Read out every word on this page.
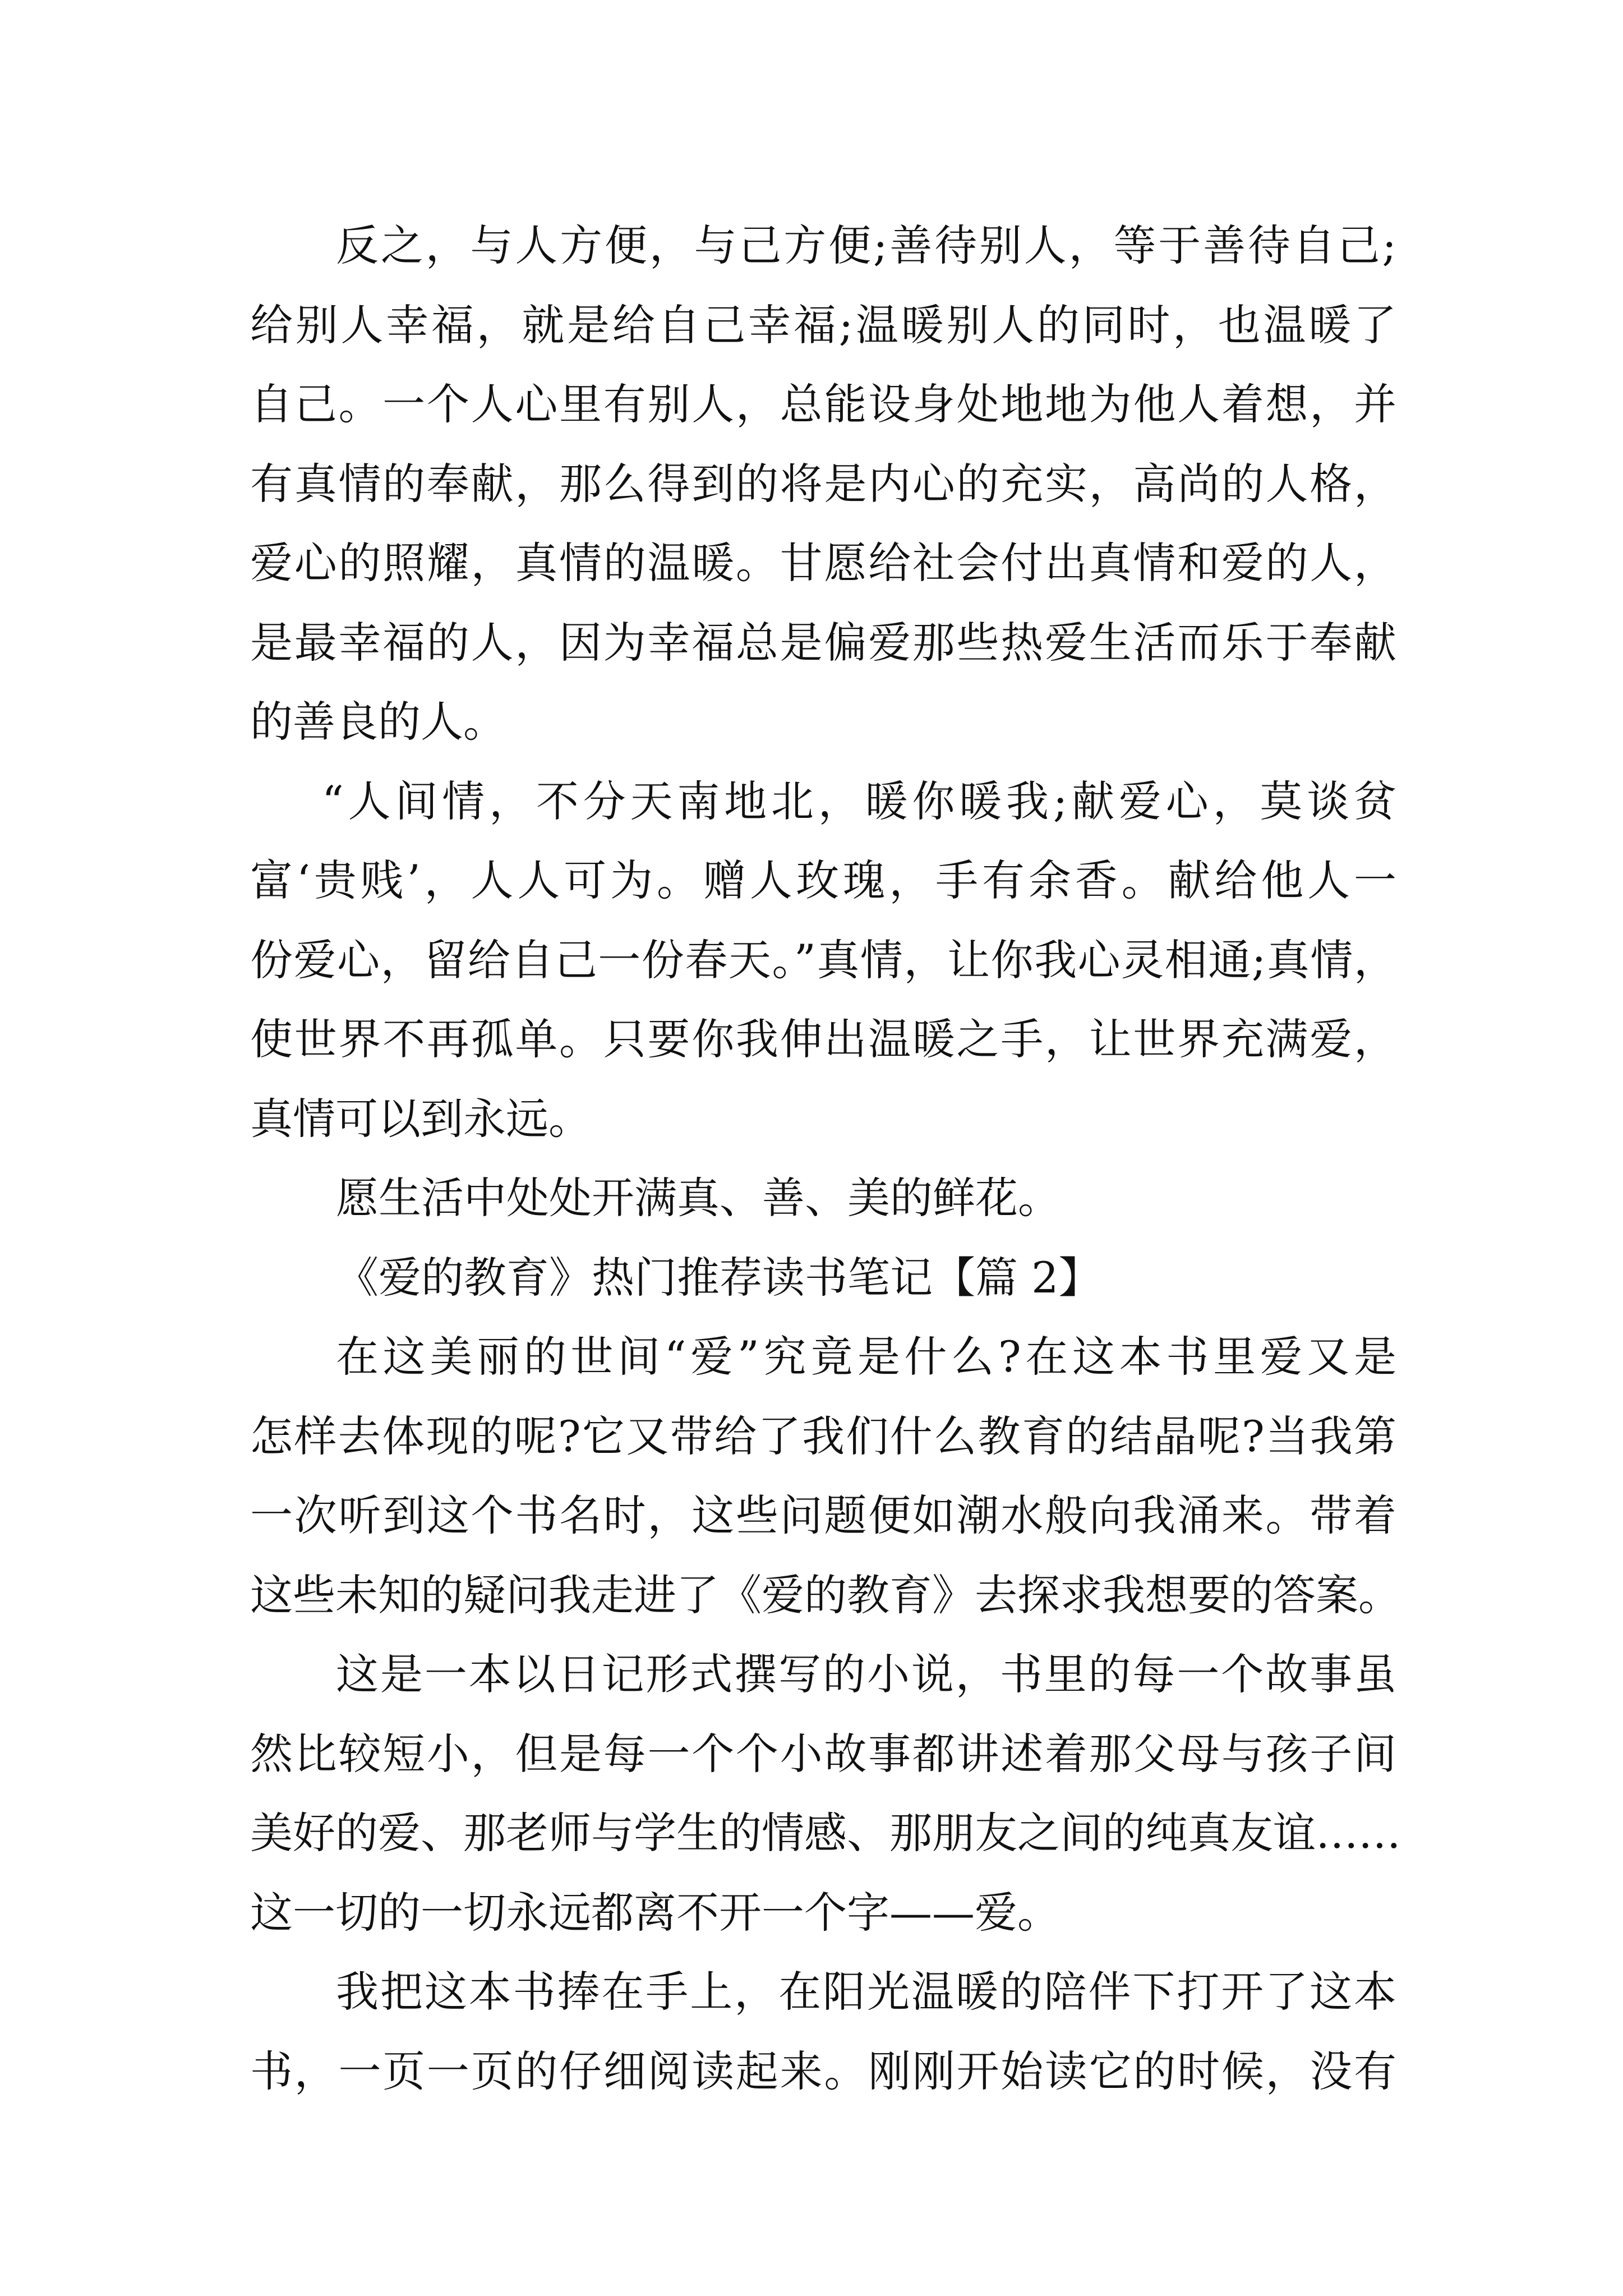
反之，与人方便，与己方便;善待别人，等于善待自己;
给别人幸福，就是给自己幸福;温暖别人的同时，也温暖了
自己。一个人心里有别人，总能设身处地地为他人着想，并
有真情的奉献，那么得到的将是内心的充实，高尚的人格，
爱心的照耀，真情的温暖。甘愿给社会付出真情和爱的人，
是最幸福的人，因为幸福总是偏爱那些热爱生活而乐于奉献
的善良的人。
“人间情，不分天南地北，暖你暖我;献爱心，莫谈贫
富‘贵贱’，人人可为。赠人玫瑰，手有余香。献给他人一
份爱心，留给自己一份春天。”真情，让你我心灵相通;真情，
使世界不再孤单。只要你我伸出温暖之手，让世界充满爱，
真情可以到永远。
愿生活中处处开满真、善、美的鲜花。
《爱的教育》热门推荐读书笔记【篇 2】
在这美丽的世间“爱”究竟是什么?在这本书里爱又是
怎样去体现的呢?它又带给了我们什么教育的结晶呢?当我第
一次听到这个书名时，这些问题便如潮水般向我涌来。带着
这些未知的疑问我走进了《爱的教育》去探求我想要的答案。
这是一本以日记形式撰写的小说，书里的每一个故事虽
然比较短小，但是每一个个小故事都讲述着那父母与孩子间
美好的爱、那老师与学生的情感、那朋友之间的纯真友谊……
这一切的一切永远都离不开一个字——爱。
我把这本书捧在手上，在阳光温暖的陪伴下打开了这本
书，一页一页的仔细阅读起来。刚刚开始读它的时候，没有
